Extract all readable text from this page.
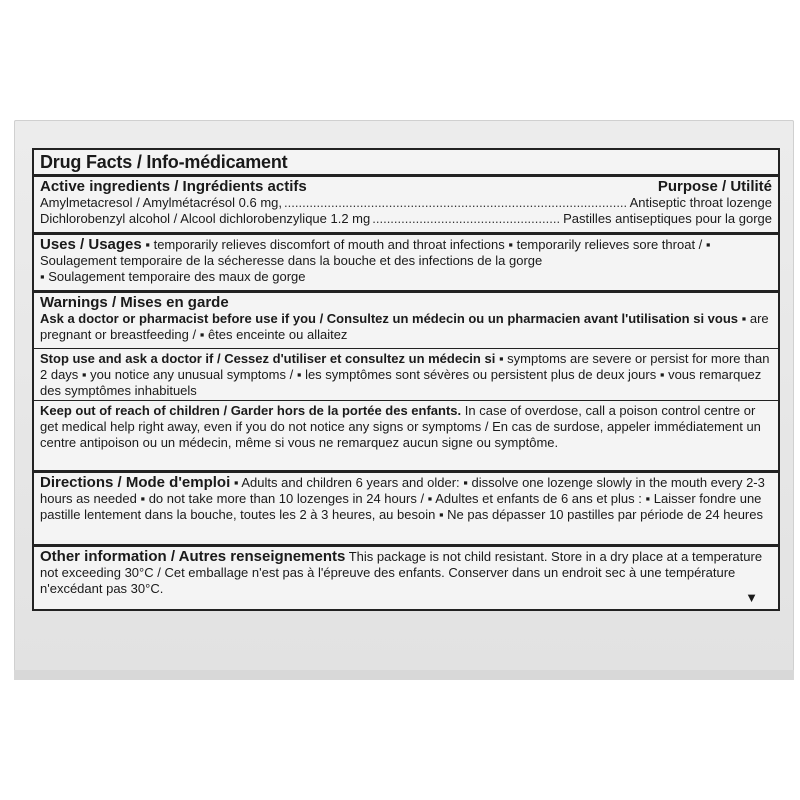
Drug Facts / Info-médicament
Active ingredients / Ingrédients actifs	Purpose / Utilité
Amylmetacresol / Amylmétacrésol 0.6 mg, .....	Antiseptic throat lozenge
Dichlorobenzyl alcohol / Alcool dichlorobenzylique 1.2 mg .....	Pastilles antiseptiques pour la gorge
Uses / Usages ▪ temporarily relieves discomfort of mouth and throat infections ▪ temporarily relieves sore throat / ▪ Soulagement temporaire de la sécheresse dans la bouche et des infections de la gorge
▪ Soulagement temporaire des maux de gorge
Warnings / Mises en garde
Ask a doctor or pharmacist before use if you / Consultez un médecin ou un pharmacien avant l'utilisation si vous ▪ are pregnant or breastfeeding / ▪ êtes enceinte ou allaitez
Stop use and ask a doctor if / Cessez d'utiliser et consultez un médecin si ▪ symptoms are severe or persist for more than 2 days ▪ you notice any unusual symptoms / ▪ les symptômes sont sévères ou persistent plus de deux jours ▪ vous remarquez des symptômes inhabituels
Keep out of reach of children / Garder hors de la portée des enfants. In case of overdose, call a poison control centre or get medical help right away, even if you do not notice any signs or symptoms / En cas de surdose, appeler immédiatement un centre antipoison ou un médecin, même si vous ne remarquez aucun signe ou symptôme.
Directions / Mode d'emploi ▪ Adults and children 6 years and older: ▪ dissolve one lozenge slowly in the mouth every 2-3 hours as needed ▪ do not take more than 10 lozenges in 24 hours / ▪ Adultes et enfants de 6 ans et plus : ▪ Laisser fondre une pastille lentement dans la bouche, toutes les 2 à 3 heures, au besoin ▪ Ne pas dépasser 10 pastilles par période de 24 heures
Other information / Autres renseignements This package is not child resistant. Store in a dry place at a temperature not exceeding 30°C / Cet emballage n'est pas à l'épreuve des enfants. Conserver dans un endroit sec à une température n'excédant pas 30°C.
▼
